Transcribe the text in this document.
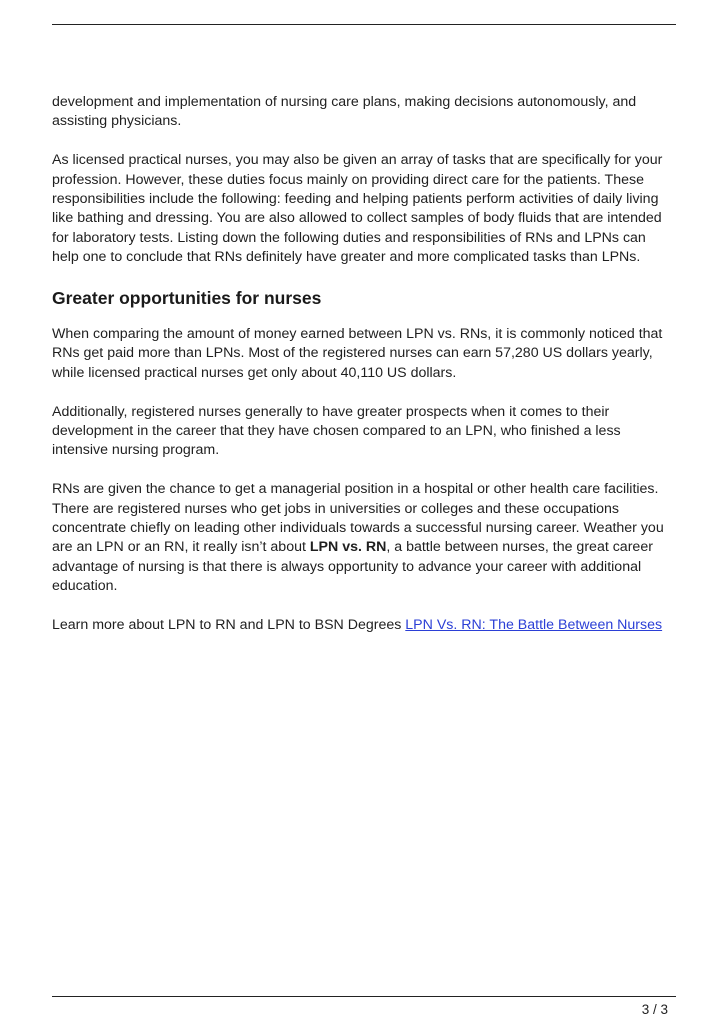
development and implementation of nursing care plans, making decisions autonomously, and assisting physicians.

As licensed practical nurses, you may also be given an array of tasks that are specifically for your profession. However, these duties focus mainly on providing direct care for the patients. These responsibilities include the following: feeding and helping patients perform activities of daily living like bathing and dressing. You are also allowed to collect samples of body fluids that are intended for laboratory tests. Listing down the following duties and responsibilities of RNs and LPNs can help one to conclude that RNs definitely have greater and more complicated tasks than LPNs.

Greater opportunities for nurses

When comparing the amount of money earned between LPN vs. RNs, it is commonly noticed that RNs get paid more than LPNs. Most of the registered nurses can earn 57,280 US dollars yearly, while licensed practical nurses get only about 40,110 US dollars.

Additionally, registered nurses generally to have greater prospects when it comes to their development in the career that they have chosen compared to an LPN, who finished a less intensive nursing program.

RNs are given the chance to get a managerial position in a hospital or other health care facilities. There are registered nurses who get jobs in universities or colleges and these occupations concentrate chiefly on leading other individuals towards a successful nursing career. Weather you are an LPN or an RN, it really isn’t about LPN vs. RN, a battle between nurses, the great career advantage of nursing is that there is always opportunity to advance your career with additional education.

Learn more about LPN to RN and LPN to BSN Degrees LPN Vs. RN: The Battle Between Nurses

3 / 3
